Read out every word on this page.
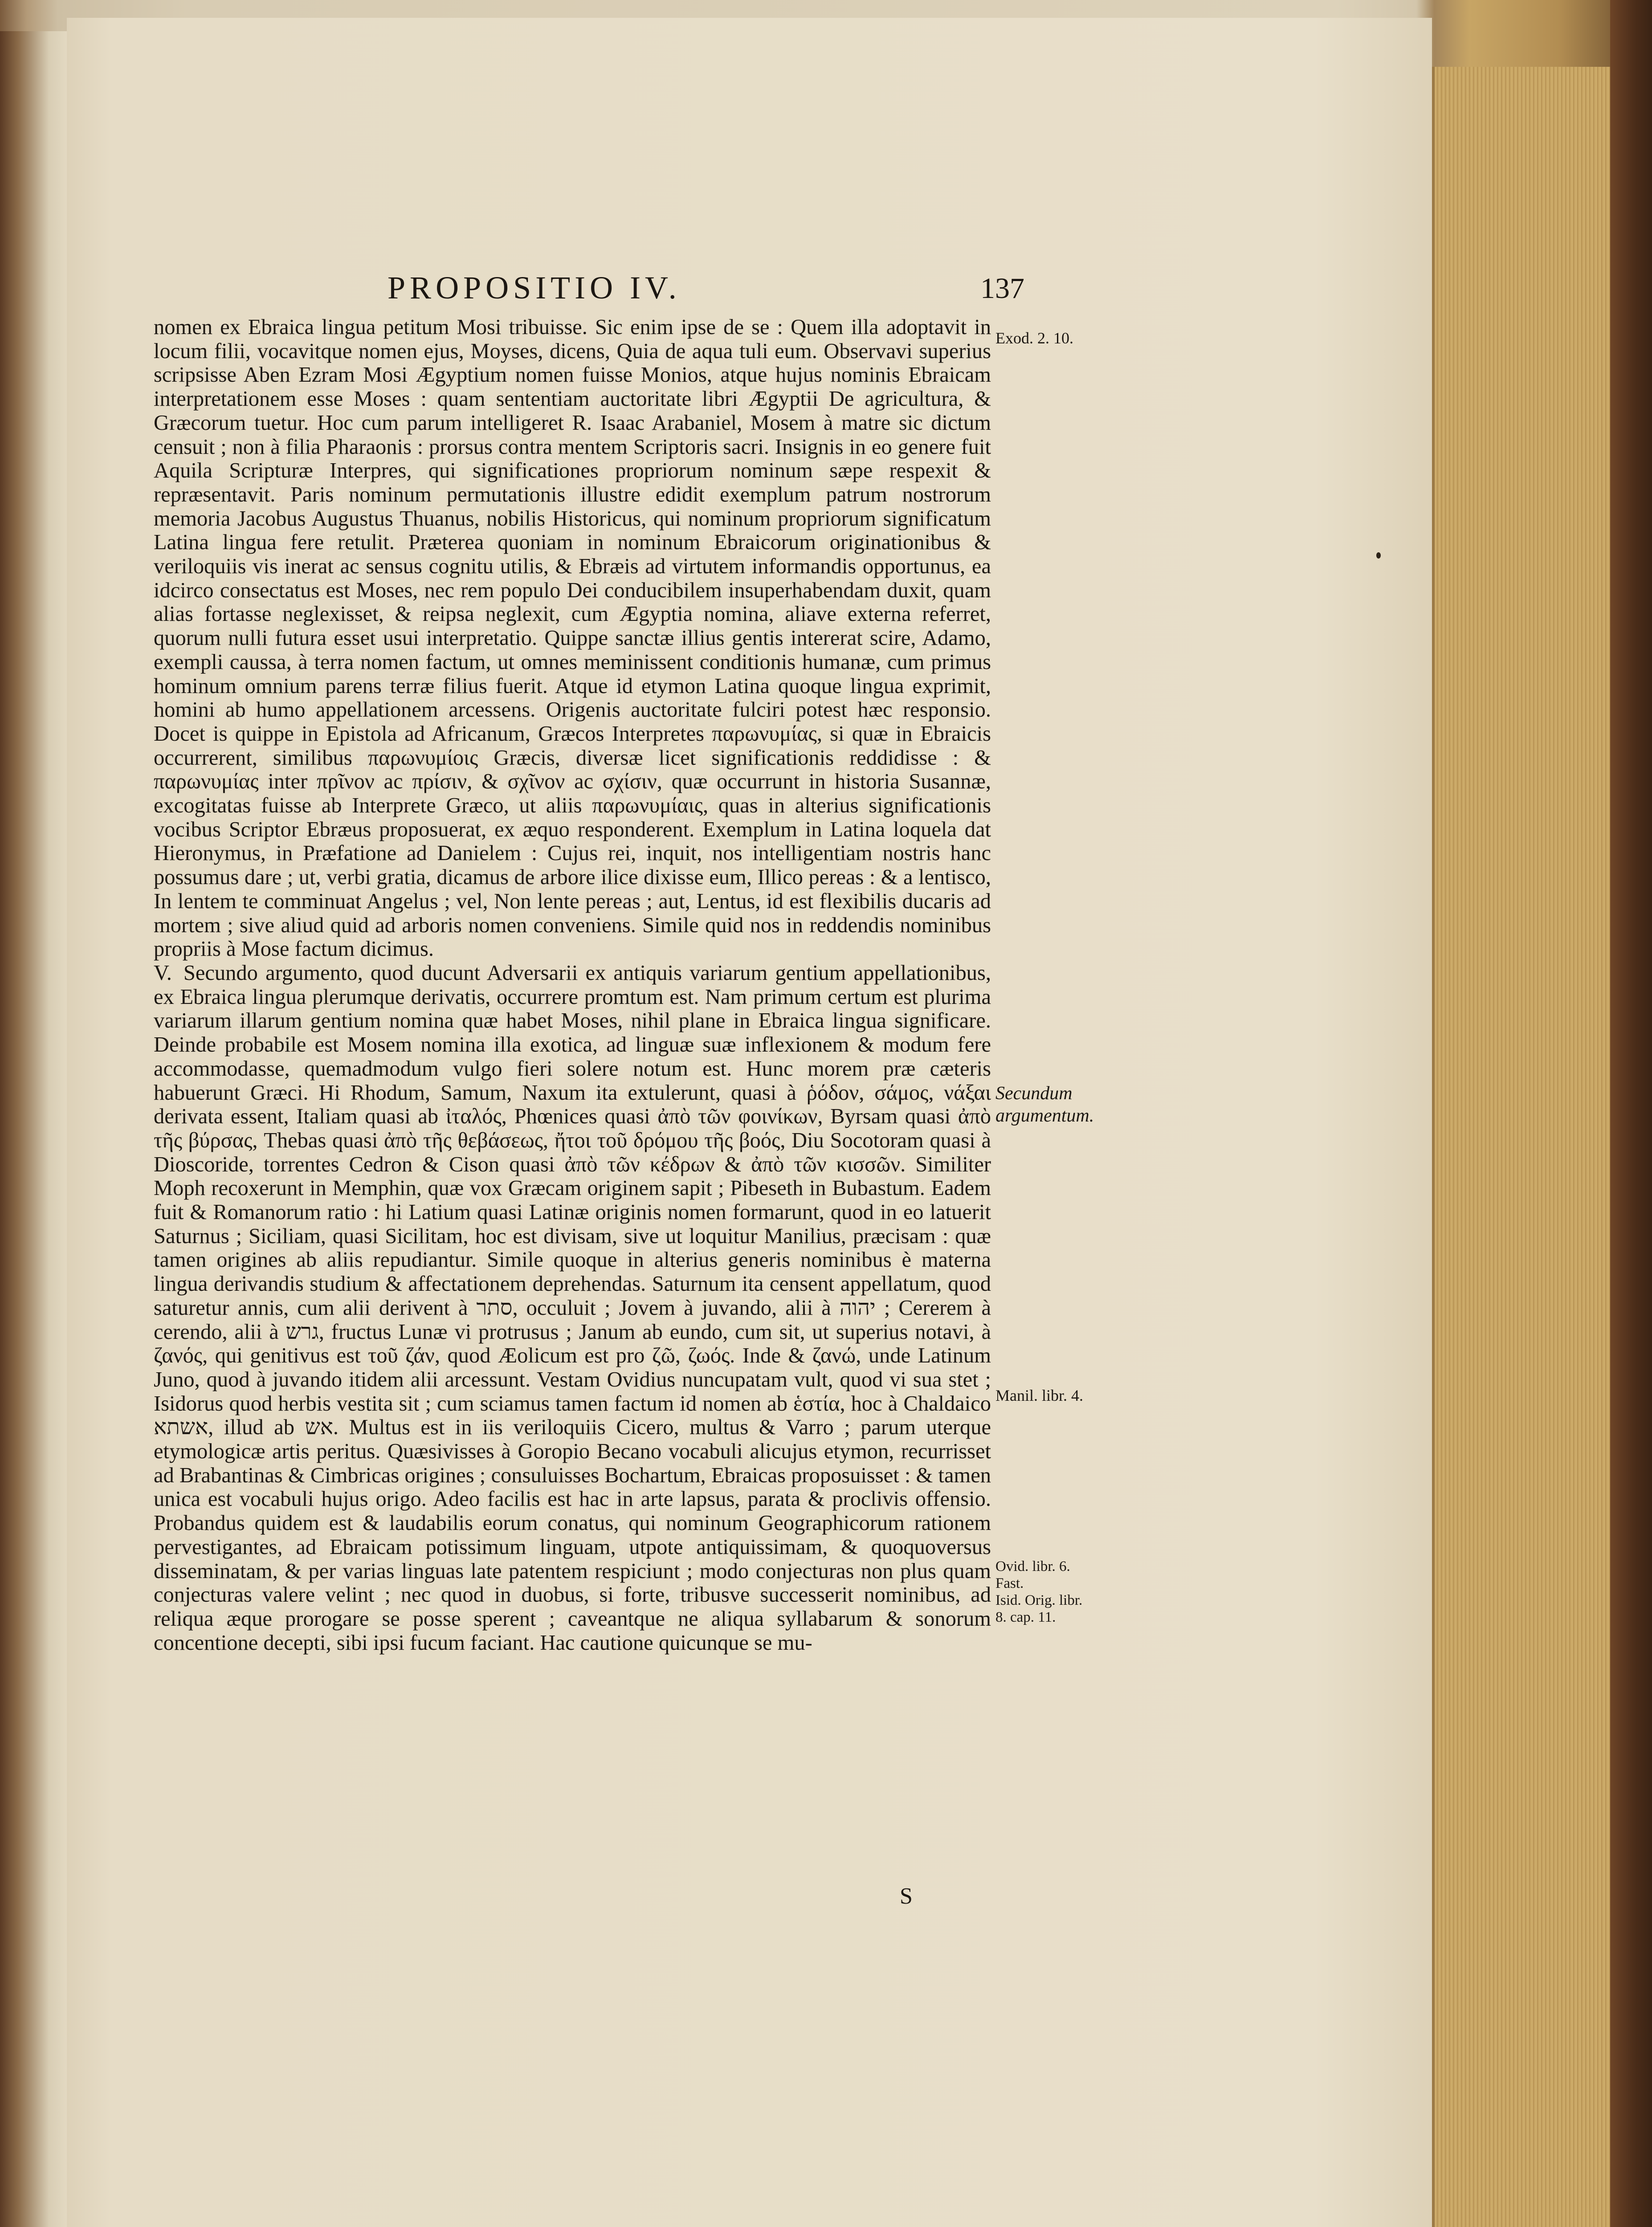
PROPOSITIO IV.	137

nomen ex Ebraica lingua petitum Mosi tribuisse. Sic enim ipse de se : Quem illa adoptavit in locum filii, vocavitque nomen ejus, Moyses, dicens, Quia de aqua tuli eum. Observavi superius scripsisse Aben Ezram Mosi Ægyptium nomen fuisse Monios, atque hujus nominis Ebraicam interpretationem esse Moses : quam sententiam auctoritate libri Ægyptii De agricultura, & Græcorum tuetur. Hoc cum parum intelligeret R. Isaac Arabaniel, Mosem à matre sic dictum censuit ; non à filia Pharaonis : prorsus contra mentem Scriptoris sacri. Insignis in eo genere fuit Aquila Scripturæ Interpres, qui significationes propriorum nominum sæpe respexit & repræsentavit. Paris nominum permutationis illustre edidit exemplum patrum nostrorum memoria Jacobus Augustus Thuanus, nobilis Historicus, qui nominum propriorum significatum Latina lingua fere retulit. Præterea quoniam in nominum Ebraicorum originationibus & veriloquiis vis inerat ac sensus cognitu utilis, & Ebræis ad virtutem informandis opportunus, ea idcirco consectatus est Moses, nec rem populo Dei conducibilem insuperhabendam duxit, quam alias fortasse neglexisset, & reipsa neglexit, cum Ægyptia nomina, aliave externa referret, quorum nulli futura esset usui interpretatio. Quippe sanctæ illius gentis intererat scire, Adamo, exempli caussa, à terra nomen factum, ut omnes meminissent conditionis humanæ, cum primus hominum omnium parens terræ filius fuerit. Atque id etymon Latina quoque lingua exprimit, homini ab humo appellationem arcessens. Origenis auctoritate fulciri potest hæc responsio. Docet is quippe in Epistola ad Africanum, Græcos Interpretes παρωνυμίας, si quæ in Ebraicis occurrerent, similibus παρωνυμίοις Græcis, diversæ licet significationis reddidisse : & παρωνυμίας inter πρῖνον ac πρίσιν, & σχῖνον ac σχίσιν, quæ occurrunt in historia Susannæ, excogitatas fuisse ab Interprete Græco, ut aliis παρωνυμίαις, quas in alterius significationis vocibus Scriptor Ebræus proposuerat, ex æquo responderent. Exemplum in Latina loquela dat Hieronymus, in Præfatione ad Danielem : Cujus rei, inquit, nos intelligentiam nostris hanc possumus dare ; ut, verbi gratia, dicamus de arbore ilice dixisse eum, Illico pereas : & a lentisco, In lentem te comminuat Angelus ; vel, Non lente pereas ; aut, Lentus, id est flexibilis ducaris ad mortem ; sive aliud quid ad arboris nomen conveniens. Simile quid nos in reddendis nominibus propriis à Mose factum dicimus.

V. Secundo argumento, quod ducunt Adversarii ex antiquis variarum gentium appellationibus, ex Ebraica lingua plerumque derivatis, occurrere promtum est. Nam primum certum est plurima variarum illarum gentium nomina quæ habet Moses, nihil plane in Ebraica lingua significare. Deinde probabile est Mosem nomina illa exotica, ad linguæ suæ inflexionem & modum fere accommodasse, quemadmodum vulgo fieri solere notum est. Hunc morem præ cæteris habuerunt Græci. Hi Rhodum, Samum, Naxum ita extulerunt, quasi à ῥόδον, σάμος, νάξαι derivata essent, Italiam quasi ab ἰταλός, Phœnices quasi ἀπὸ τῶν φοινίκων, Byrsam quasi ἀπὸ τῆς βύρσας, Thebas quasi ἀπὸ τῆς θεβάσεως, ἤτοι τοῦ δρόμου τῆς βοός, Diu Socotoram quasi à Dioscoride, torrentes Cedron & Cison quasi ἀπὸ τῶν κέδρων & ἀπὸ τῶν κισσῶν. Similiter Moph recoxerunt in Memphin, quæ vox Græcam originem sapit ; Pibeseth in Bubastum. Eadem fuit & Romanorum ratio : hi Latium quasi Latinæ originis nomen formarunt, quod in eo latuerit Saturnus ; Siciliam, quasi Sicilitam, hoc est divisam, sive ut loquitur Manilius, præcisam : quæ tamen origines ab aliis repudiantur. Simile quoque in alterius generis nominibus è materna lingua derivandis studium & affectationem deprehendas. Saturnum ita censent appellatum, quod saturetur annis, cum alii derivent à סתר, occuluit ; Jovem à juvando, alii à יהוה ; Cererem à cerendo, alii à גרש, fructus Lunæ vi protrusus ; Janum ab eundo, cum sit, ut superius notavi, à ζανός, qui genitivus est τοῦ ζάν, quod Æolicum est pro ζῶ, ζωός. Inde & ζανώ, unde Latinum Juno, quod à juvando itidem alii arcessunt. Vestam Ovidius nuncupatam vult, quod vi sua stet ; Isidorus quod herbis vestita sit ; cum sciamus tamen factum id nomen ab ἑστία, hoc à Chaldaico אשתא, illud ab אש. Multus est in iis veriloquiis Cicero, multus & Varro ; parum uterque etymologicæ artis peritus. Quæsivisses à Goropio Becano vocabuli alicujus etymon, recurrisset ad Brabantinas & Cimbricas origines ; consuluisses Bochartum, Ebraicas proposuisset : & tamen unica est vocabuli hujus origo. Adeo facilis est hac in arte lapsus, parata & proclivis offensio. Probandus quidem est & laudabilis eorum conatus, qui nominum Geographicorum rationem pervestigantes, ad Ebraicam potissimum linguam, utpote antiquissimam, & quoquoversus disseminatam, & per varias linguas late patentem respiciunt ; modo conjecturas non plus quam conjecturas valere velint ; nec quod in duobus, si forte, tribusve successerit nominibus, ad reliqua æque prorogare se posse sperent ; caveantque ne aliqua syllabarum & sonorum concentione decepti, sibi ipsi fucum faciant. Hac cautione quicunque se mu-

Exod. 2. 10.
Secundum
argumentum.
Manil. libr. 4.
Ovid. libr. 6.
Fast.
Isid. Orig. libr.
8. cap. 11.
S
